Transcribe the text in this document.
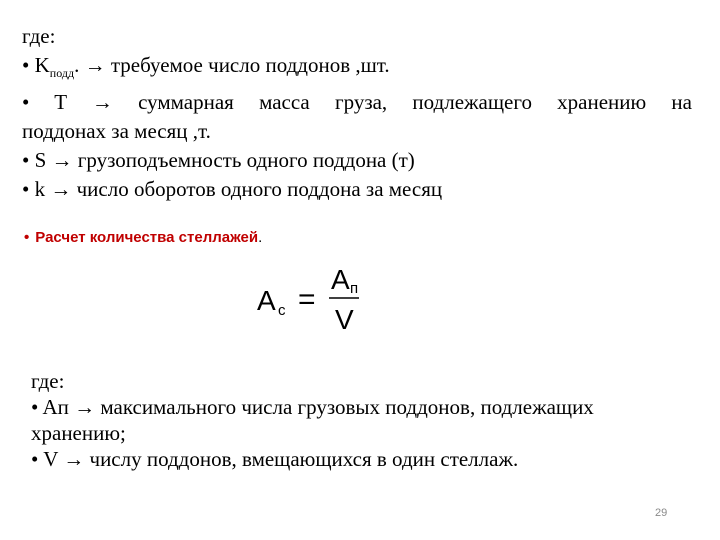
где:
• $K_{подд}$. → требуемое число поддонов ,шт.
• T → суммарная масса груза, подлежащего хранению на
поддонах за месяц ,т.
• S → грузоподъемность одного поддона (т)
• k → число оборотов одного поддона за месяц
• Расчет количества стеллажей.
А с =
А п
V
где:
• Aп → максимального числа грузовых поддонов, подлежащих
хранению;
• V → числу поддонов, вмещающихся в один стеллаж.
29
